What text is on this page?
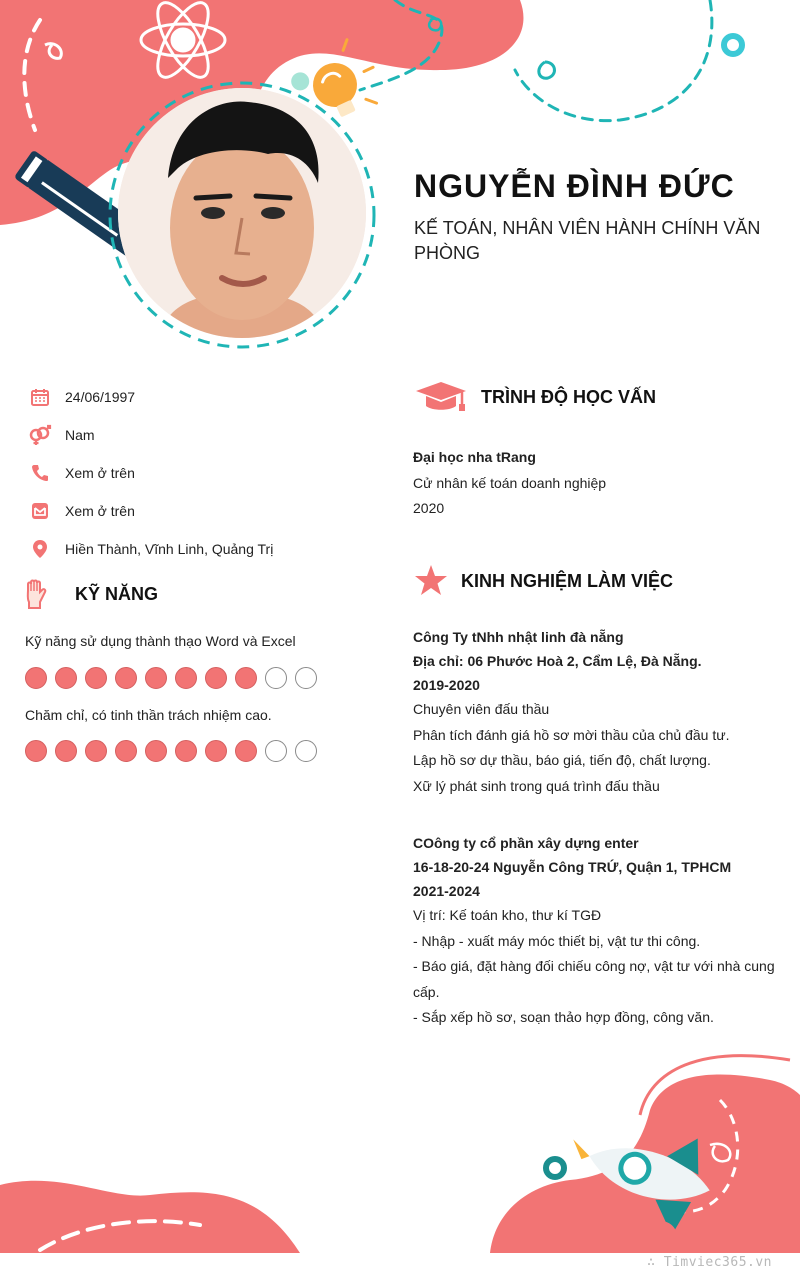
NGUYỄN ĐÌNH ĐỨC
KẾ TOÁN, NHÂN VIÊN HÀNH CHÍNH VĂN PHÒNG
24/06/1997
Nam
Xem ở trên
Xem ở trên
Hiền Thành, Vĩnh Linh, Quảng Trị
KỸ NĂNG
Kỹ năng sử dụng thành thạo Word và Excel
Chăm chỉ, có tinh thần trách nhiệm cao.
TRÌNH ĐỘ HỌC VẤN
Đại học nha tRang
Cử nhân kế toán doanh nghiệp
2020
KINH NGHIỆM LÀM VIỆC
Công Ty tNhh nhật linh đà nẵng
Địa chỉ: 06 Phước Hoà 2, Cẩm Lệ, Đà Nẵng.
2019-2020
Chuyên viên đấu thầu
Phân tích đánh giá hồ sơ mời thầu của chủ đầu tư.
Lập hồ sơ dự thầu, báo giá, tiến độ, chất lượng.
Xữ lý phát sinh trong quá trình đấu thầu
COông ty cổ phần xây dựng enter
16-18-20-24 Nguyễn Công TRỨ, Quận 1, TPHCM
2021-2024
Vị trí: Kế toán kho, thư kí TGĐ
- Nhập - xuất máy móc thiết bị, vật tư thi công.
- Báo giá, đặt hàng đối chiếu công nợ, vật tư với nhà cung cấp.
- Sắp xếp hồ sơ, soạn thảo hợp đồng, công văn.
∴ Timviec365.vn
